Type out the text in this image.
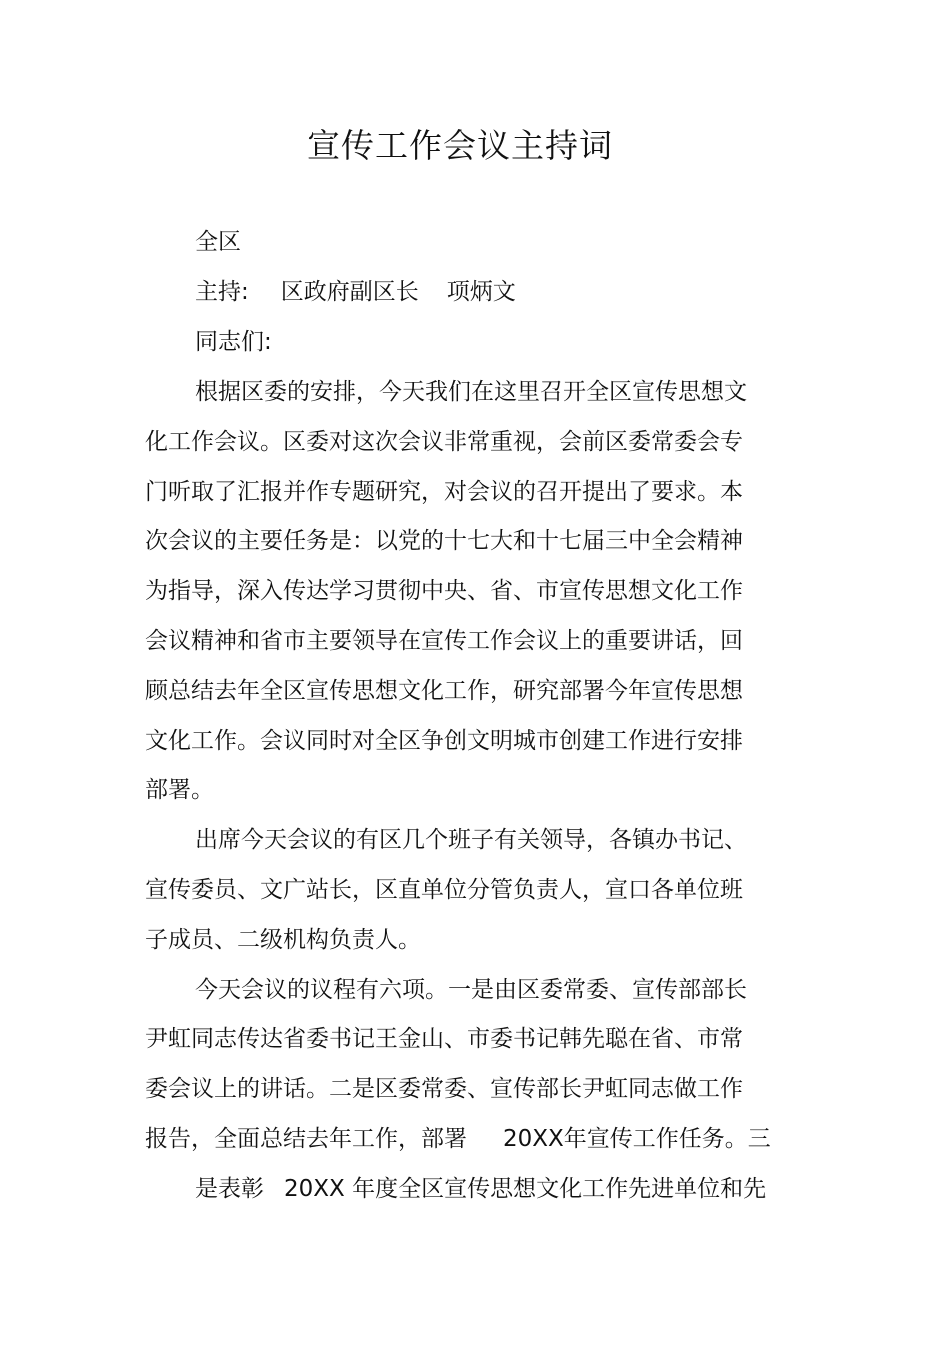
宣传工作会议主持词
全区
主持: 区政府副区长 项炳文
同志们:
根据区委的安排，今天我们在这里召开全区宣传思想文
化工作会议。区委对这次会议非常重视，会前区委常委会专
门听取了汇报并作专题研究，对会议的召开提出了要求。本
次会议的主要任务是：以党的十七大和十七届三中全会精神
为指导，深入传达学习贯彻中央、省、市宣传思想文化工作
会议精神和省市主要领导在宣传工作会议上的重要讲话，回
顾总结去年全区宣传思想文化工作，研究部署今年宣传思想
文化工作。会议同时对全区争创文明城市创建工作进行安排
部署。
出席今天会议的有区几个班子有关领导，各镇办书记、
宣传委员、文广站长，区直单位分管负责人，宣口各单位班
子成员、二级机构负责人。
今天会议的议程有六项。一是由区委常委、宣传部部长
尹虹同志传达省委书记王金山、市委书记韩先聪在省、市常
委会议上的讲话。二是区委常委、宣传部长尹虹同志做工作
报告，全面总结去年工作，部署 20XX年宣传工作任务。三
是表彰 20XX 年度全区宣传思想文化工作先进单位和先
